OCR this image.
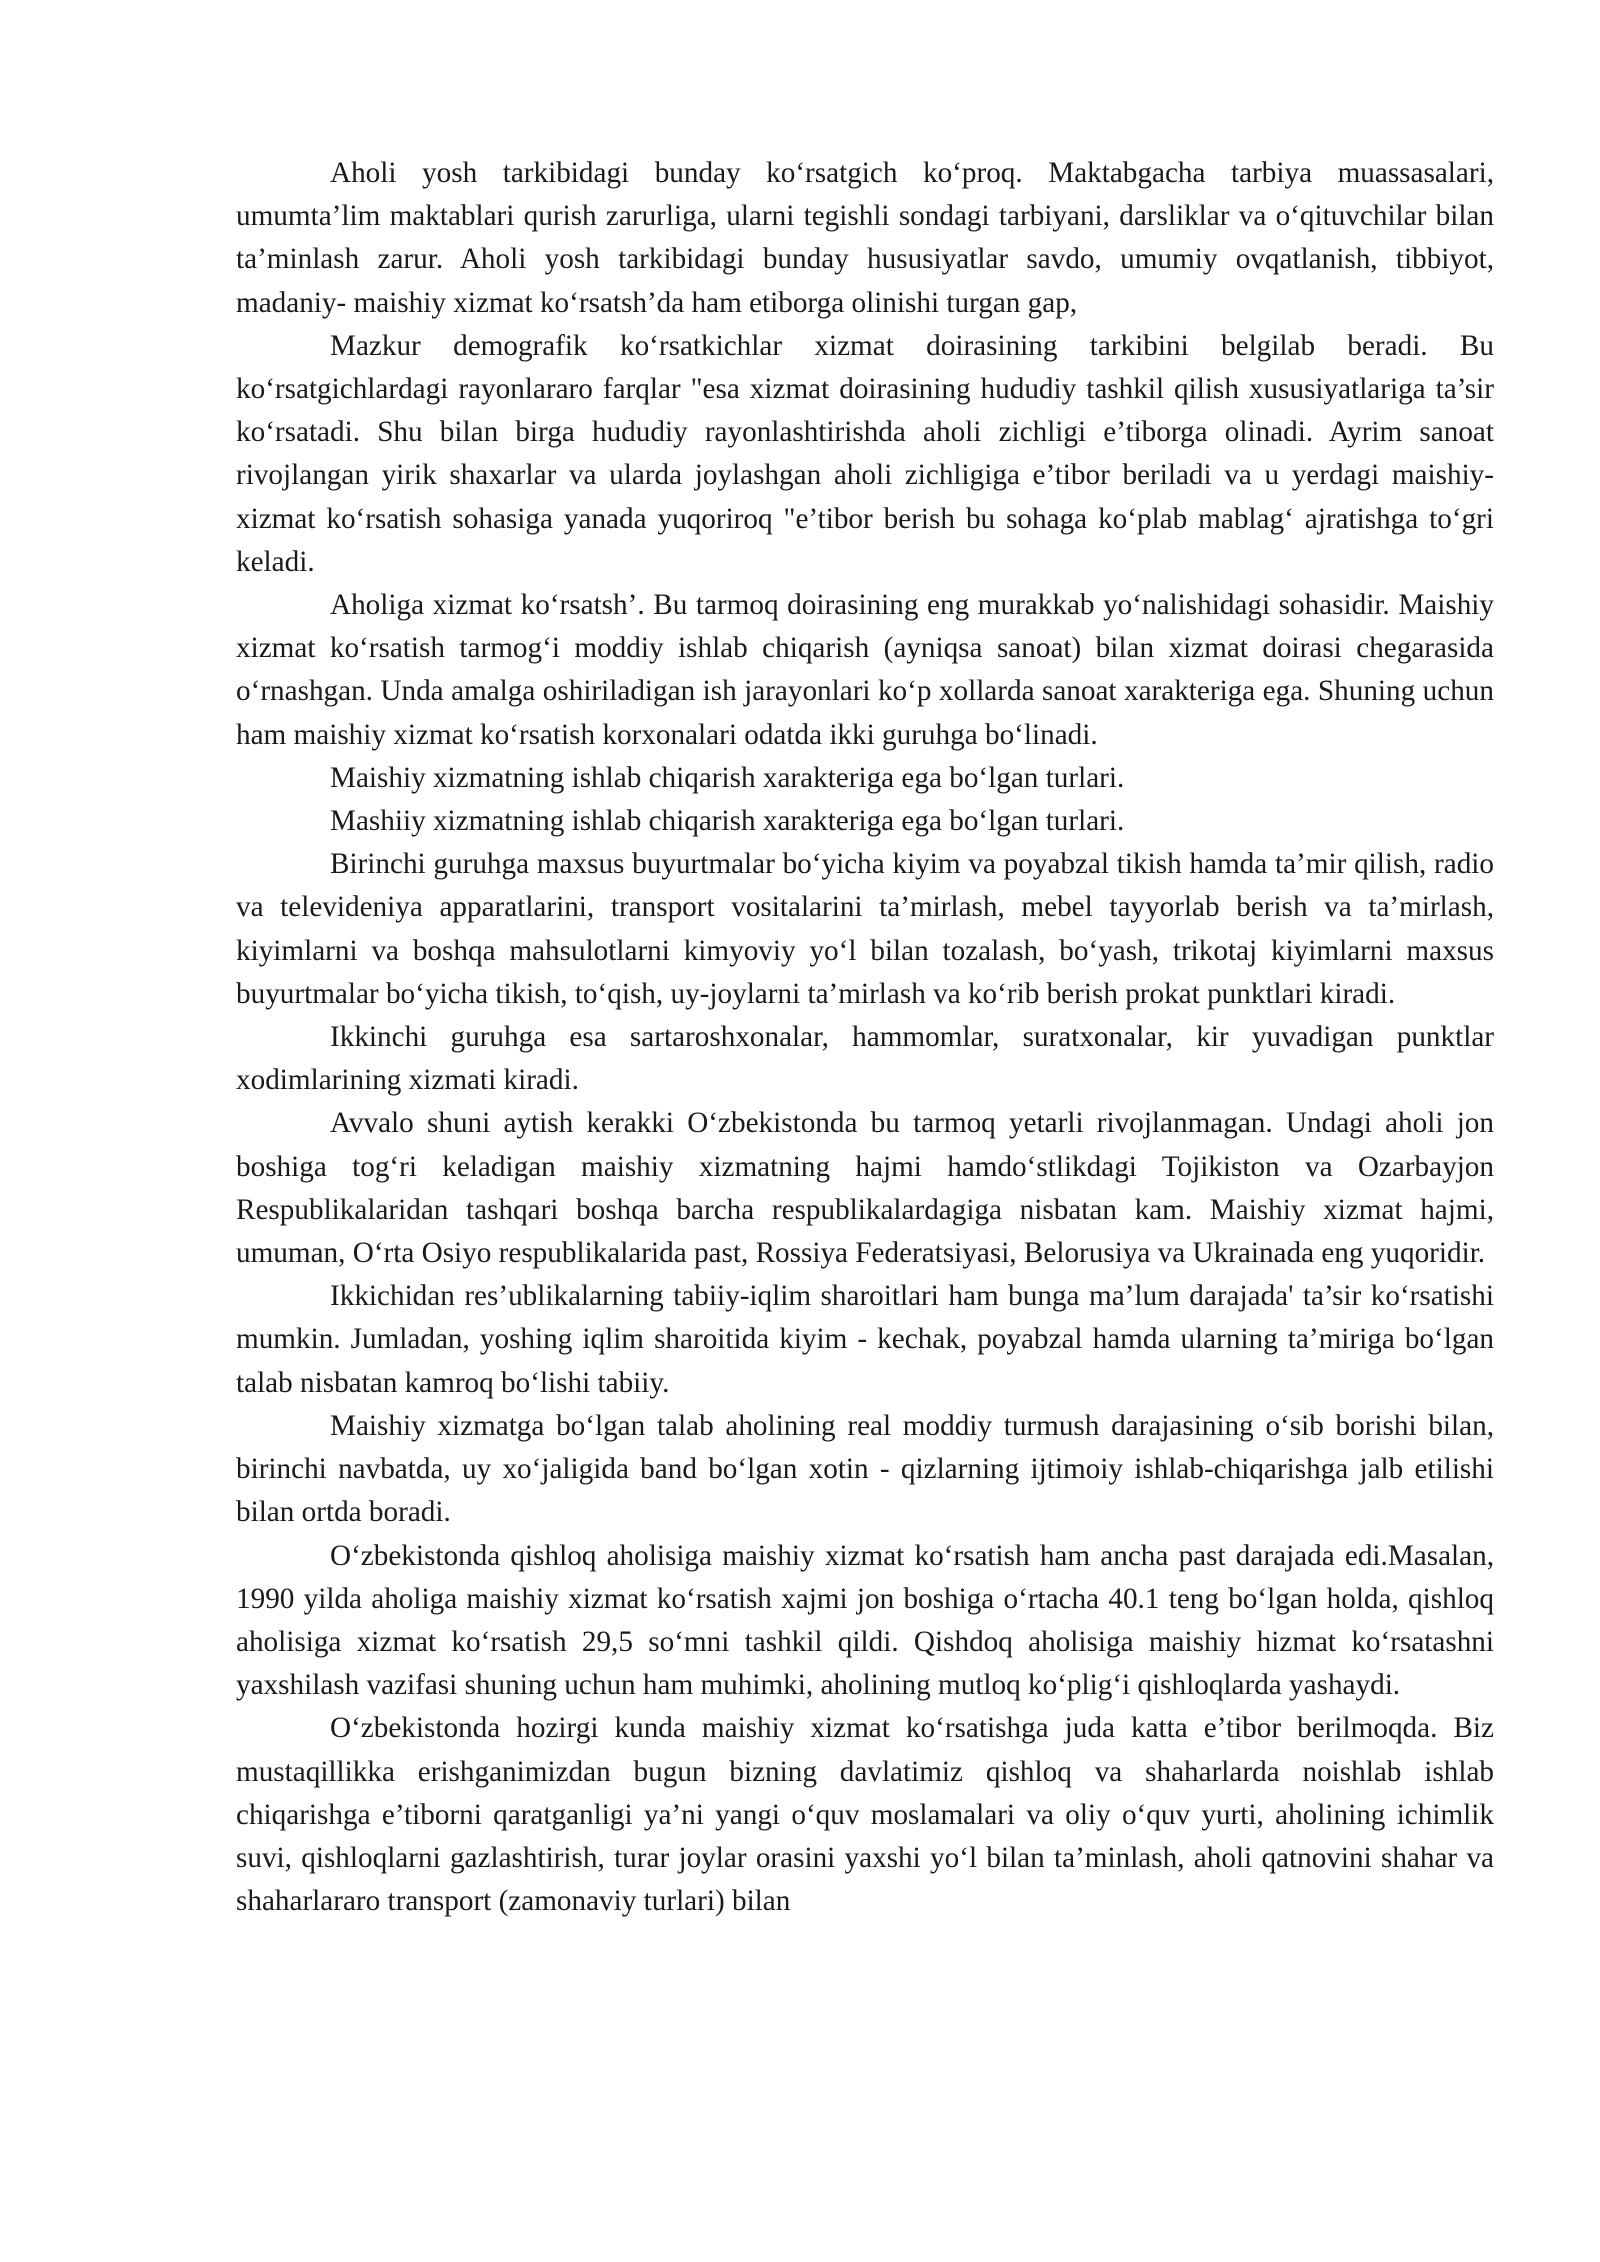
Aholi yosh tarkibidagi bunday ko‘rsatgich ko‘proq. Maktabgacha tarbiya muassasalari, umumta’lim maktablari qurish zarurliga, ularni tegishli sondagi tarbiyani, darsliklar va o‘qituvchilar bilan ta’minlash zarur. Aholi yosh tarkibidagi bunday hususiyatlar savdo, umumiy ovqatlanish, tibbiyot, madaniy- maishiy xizmat ko‘rsatsh’da ham etiborga olinishi turgan gap,

Mazkur demografik ko‘rsatkichlar xizmat doirasining tarkibini belgilab beradi. Bu ko‘rsatgichlardagi rayonlararo farqlar "esa xizmat doirasining hududiy tashkil qilish xususiyatlariga ta’sir ko‘rsatadi. Shu bilan birga hududiy rayonlashtirishda aholi zichligi e’tiborga olinadi. Ayrim sanoat rivojlangan yirik shaxarlar va ularda joylashgan aholi zichligiga e’tibor beriladi va u yerdagi maishiy-xizmat ko‘rsatish sohasiga yanada yuqoriroq "e’tibor berish bu sohaga ko‘plab mablag‘ ajratishga to‘gri keladi.

Aholiga xizmat ko‘rsatsh’. Bu tarmoq doirasining eng murakkab yo‘nalishidagi sohasidir. Maishiy xizmat ko‘rsatish tarmog‘i moddiy ishlab chiqarish (ayniqsa sanoat) bilan xizmat doirasi chegarasida o‘rnashgan. Unda amalga oshiriladigan ish jarayonlari ko‘p xollarda sanoat xarakteriga ega. Shuning uchun ham maishiy xizmat ko‘rsatish korxonalari odatda ikki guruhga bo‘linadi.

Maishiy xizmatning ishlab chiqarish xarakteriga ega bo‘lgan turlari.

Mashiiy xizmatning ishlab chiqarish xarakteriga ega bo‘lgan turlari.

Birinchi guruhga maxsus buyurtmalar bo‘yicha kiyim va poyabzal tikish hamda ta’mir qilish, radio va televideniya apparatlarini, transport vositalarini ta’mirlash, mebel tayyorlab berish va ta’mirlash, kiyimlarni va boshqa mahsulotlarni kimyoviy yo‘l bilan tozalash, bo‘yash, trikotaj kiyimlarni maxsus buyurtmalar bo‘yicha tikish, to‘qish, uy-joylarni ta’mirlash va ko‘rib berish prokat punktlari kiradi.

Ikkinchi guruhga esa sartaroshxonalar, hammomlar, suratxonalar, kir yuvadigan punktlar xodimlarining xizmati kiradi.

Avvalo shuni aytish kerakki O‘zbekistonda bu tarmoq yetarli rivojlanmagan. Undagi aholi jon boshiga tog‘ri keladigan maishiy xizmatning hajmi hamdo‘stlikdagi Tojikiston va Ozarbayjon Respublikalaridan tashqari boshqa barcha respublikalardagiga nisbatan kam. Maishiy xizmat hajmi, umuman, O‘rta Osiyo respublikalarida past, Rossiya Federatsiyasi, Belorusiya va Ukrainada eng yuqoridir.

Ikkichidan res’ublikalarning tabiiy-iqlim sharoitlari ham bunga ma’lum darajada' ta’sir ko‘rsatishi mumkin. Jumladan, yoshing iqlim sharoitida kiyim - kechak, poyabzal hamda ularning ta’miriga bo‘lgan talab nisbatan kamroq bo‘lishi tabiiy.

Maishiy xizmatga bo‘lgan talab aholining real moddiy turmush darajasining o‘sib borishi bilan, birinchi navbatda, uy xo‘jaligida band bo‘lgan xotin - qizlarning ijtimoiy ishlab-chiqarishga jalb etilishi bilan ortda boradi.

O‘zbekistonda qishloq aholisiga maishiy xizmat ko‘rsatish ham ancha past darajada edi.Masalan, 1990 yilda aholiga maishiy xizmat ko‘rsatish xajmi jon boshiga o‘rtacha 40.1 teng bo‘lgan holda, qishloq aholisiga xizmat ko‘rsatish 29,5 so‘mni tashkil qildi. Qishdoq aholisiga maishiy hizmat ko‘rsatashni yaxshilash vazifasi shuning uchun ham muhimki, aholining mutloq ko‘plig‘i qishloqlarda yashaydi.

O‘zbekistonda hozirgi kunda maishiy xizmat ko‘rsatishga juda katta e’tibor berilmoqda. Biz mustaqillikka erishganimizdan bugun bizning davlatimiz qishloq va shaharlarda noishlab ishlab chiqarishga e’tiborni qaratganligi ya’ni yangi o‘quv moslamalari va oliy o‘quv yurti, aholining ichimlik suvi, qishloqlarni gazlashtirish, turar joylar orasini yaxshi yo‘l bilan ta’minlash, aholi qatnovini shahar va shaharlararo transport (zamonaviy turlari) bilan
